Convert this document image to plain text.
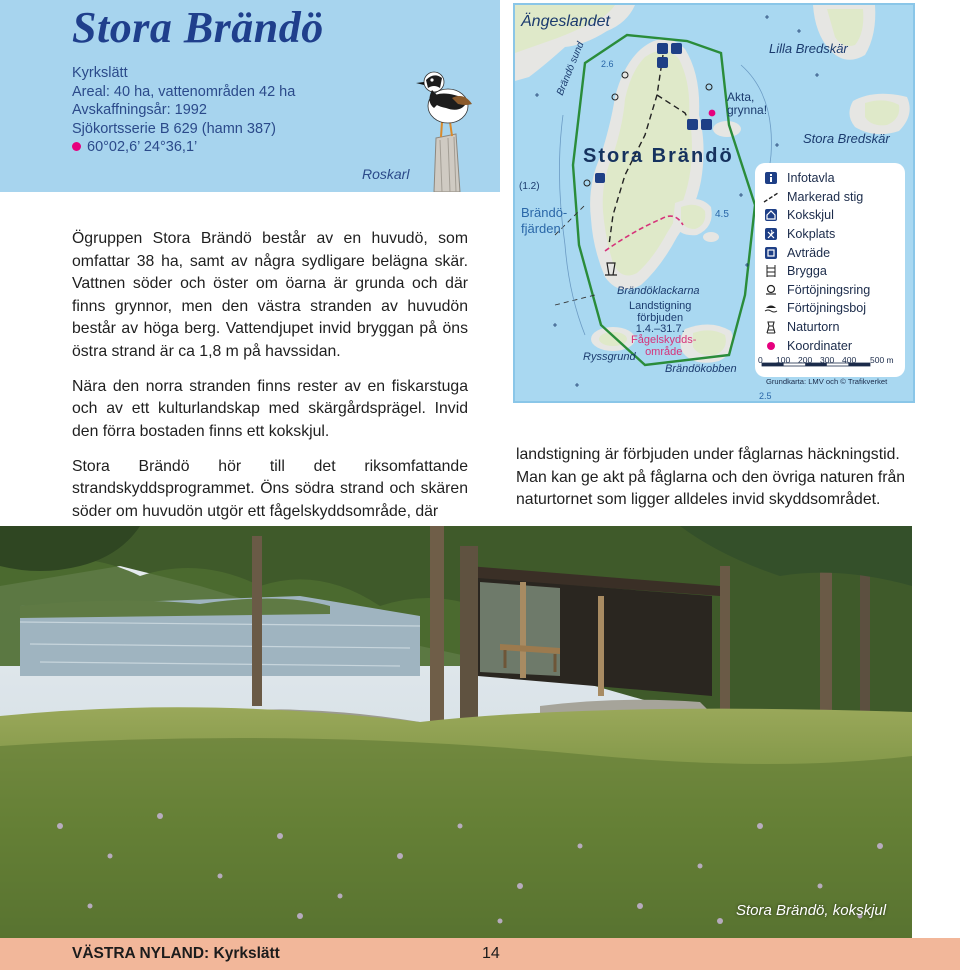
Stora Brändö
Kyrkslätt
Areal: 40 ha, vattenområden 42 ha
Avskaffningsår: 1992
Sjökortsserie B 629 (hamn 387)
60°02,6’ 24°36,1’
Roskarl

Ögruppen Stora Brändö består av en huvudö, som omfattar 38 ha, samt av några sydligare belägna skär. Vattnen söder och öster om öarna är grunda och där finns grynnor, men den västra stranden av huvudön består av höga berg. Vattendjupet invid bryggan på öns östra strand är ca 1,8 m på havssidan.

Nära den norra stranden finns rester av en fiskarstuga och av ett kulturlandskap med skärgårdsprägel. Invid den förra bostaden finns ett kokskjul.

Stora Brändö hör till det riksomfattande strandskyddsprogrammet. Öns södra strand och skären söder om huvudön utgör ett fågelskyddsområde, där

landstigning är förbjuden under fåglarnas häckningstid. Man kan ge akt på fåglarna och den övriga naturen från naturtornet som ligger alldeles invid skyddsområdet.
Ängeslandet
Lilla Bredskär
Stora Bredskär
Stora Brändö
Brändö sund
Brändö-
fjärden
Akta,
grynna!
Brändöklackarna
Landstigning
förbjuden
1.4.–31.7.
Fågelskydds-
område
Ryssgrund
Brändökobben
2.6
(1.2)
4.5
2.5
Infotavla
Markerad stig
Kokskjul
Kokplats
Avträde
Brygga
Förtöjningsring
Förtöjningsboj
Naturtorn
Koordinater
0 100 200 300 400 500 m
Grundkarta: LMV och © Trafikverket
Stora Brändö, kokskjul
VÄSTRA NYLAND: Kyrkslätt	14
